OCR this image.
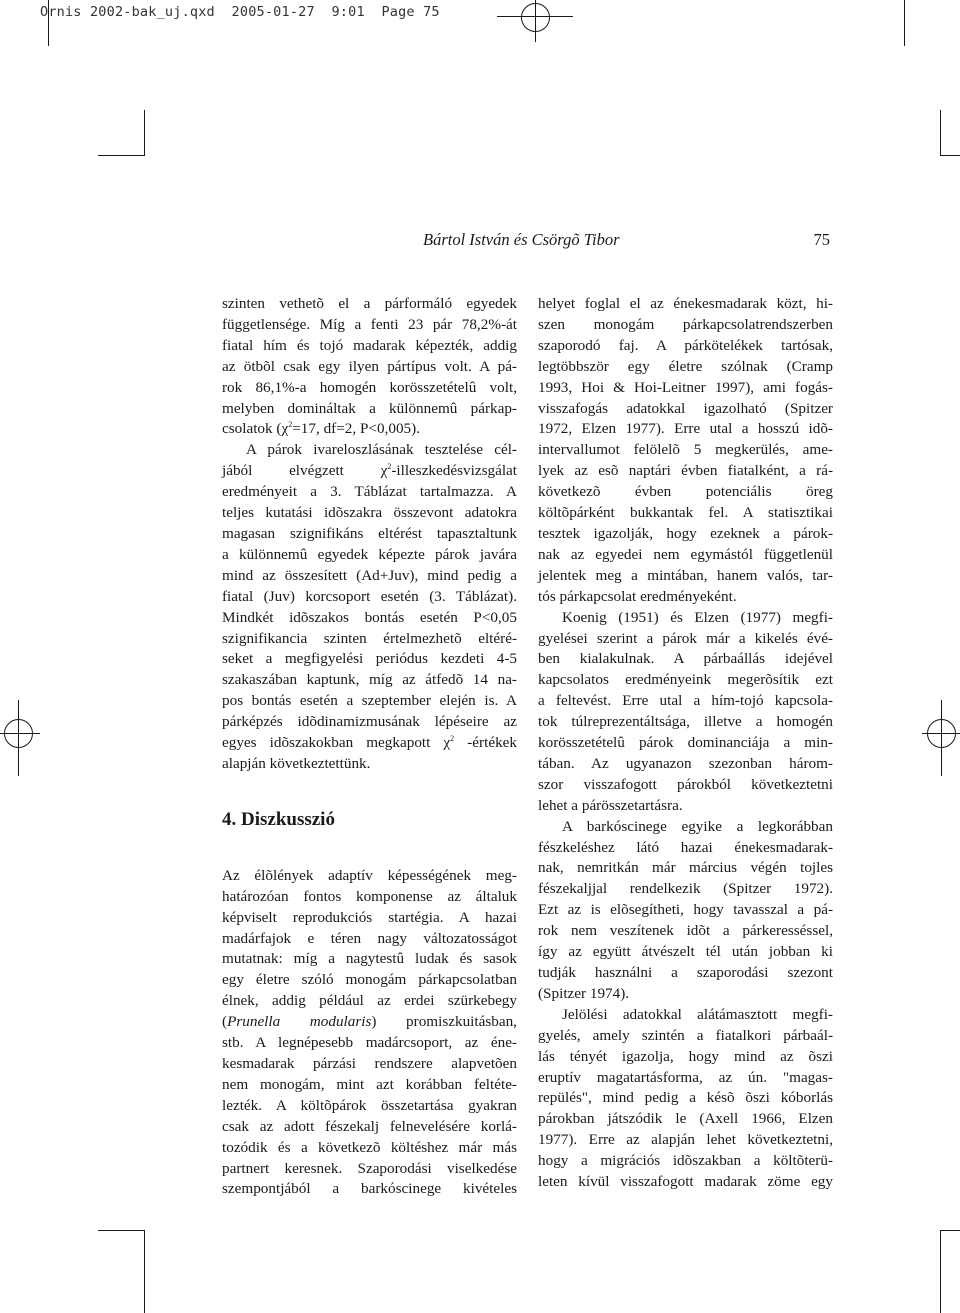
Ornis 2002-bak_uj.qxd 2005-01-27 9:01 Page 75
Bártol István és Csörgõ Tibor	75
szinten vethetõ el a párformáló egyedek
függetlensége. Míg a fenti 23 pár 78,2%-át
fiatal hím és tojó madarak képezték, addig
az ötbõl csak egy ilyen pártípus volt. A pá-
rok 86,1%-a homogén korösszetételû volt,
melyben domináltak a különnemû párkap-
csolatok ($\chi^2=17$, df=2, P<0,005).
A párok ivareloszlásának tesztelése cél-
jából elvégzett $\chi^2$-illeszkedésvizsgálat
eredményeit a 3. Táblázat tartalmazza. A
teljes kutatási idõszakra összevont adatokra
magasan szignifikáns eltérést tapasztaltunk
a különnemû egyedek képezte párok javára
mind az összesített (Ad+Juv), mind pedig a
fiatal (Juv) korcsoport esetén (3. Táblázat).
Mindkét idõszakos bontás esetén P<0,05
szignifikancia szinten értelmezhetõ eltéré-
seket a megfigyelési periódus kezdeti 4-5
szakaszában kaptunk, míg az átfedõ 14 na-
pos bontás esetén a szeptember elején is. A
párképzés idõdinamizmusának lépéseire az
egyes idõszakokban megkapott $\chi^2$ -értékek
alapján következtettünk.
4. Diszkusszió
Az élõlények adaptív képességének meg-
határozóan fontos komponense az általuk
képviselt reprodukciós startégia. A hazai
madárfajok e téren nagy változatosságot
mutatnak: míg a nagytestû ludak és sasok
egy életre szóló monogám párkapcsolatban
élnek, addig például az erdei szürkebegy
(Prunella modularis) promiszkuitásban,
stb. A legnépesebb madárcsoport, az éne-
kesmadarak párzási rendszere alapvetõen
nem monogám, mint azt korábban feltéte-
lezték. A költõpárok összetartása gyakran
csak az adott fészekalj felnevelésére korlá-
tozódik és a következõ költéshez már más
partnert keresnek. Szaporodási viselkedése
szempontjából a barkóscinege kivételes
helyet foglal el az énekesmadarak közt, hi-
szen monogám párkapcsolatrendszerben
szaporodó faj. A párkötelékek tartósak,
legtöbbször egy életre szólnak (Cramp
1993, Hoi & Hoi-Leitner 1997), ami fogás-
visszafogás adatokkal igazolható (Spitzer
1972, Elzen 1977). Erre utal a hosszú idõ-
intervallumot felölelõ 5 megkerülés, ame-
lyek az esõ naptári évben fiatalként, a rá-
következõ évben potenciális öreg
költõpárként bukkantak fel. A statisztikai
tesztek igazolják, hogy ezeknek a párok-
nak az egyedei nem egymástól függetlenül
jelentek meg a mintában, hanem valós, tar-
tós párkapcsolat eredményeként.
Koenig (1951) és Elzen (1977) megfi-
gyelései szerint a párok már a kikelés évé-
ben kialakulnak. A párbaállás idejével
kapcsolatos eredményeink megerõsítik ezt
a feltevést. Erre utal a hím-tojó kapcsola-
tok túlreprezentáltsága, illetve a homogén
korösszetételû párok dominanciája a min-
tában. Az ugyanazon szezonban három-
szor visszafogott párokból következtetni
lehet a párösszetartásra.
A barkóscinege egyike a legkorábban
fészkeléshez látó hazai énekesmadarak-
nak, nemritkán már március végén tojles
fészekaljjal rendelkezik (Spitzer 1972).
Ezt az is elõsegítheti, hogy tavasszal a pá-
rok nem veszítenek idõt a párkeresséssel,
így az együtt átvészelt tél után jobban ki
tudják használni a szaporodási szezont
(Spitzer 1974).
Jelölési adatokkal alátámasztott megfi-
gyelés, amely szintén a fiatalkori párbaál-
lás tényét igazolja, hogy mind az õszi
eruptív magatartásforma, az ún. "magas-
repülés", mind pedig a késõ õszi kóborlás
párokban játszódik le (Axell 1966, Elzen
1977). Erre az alapján lehet következtetni,
hogy a migrációs idõszakban a költõterü-
leten kívül visszafogott madarak zöme egy
